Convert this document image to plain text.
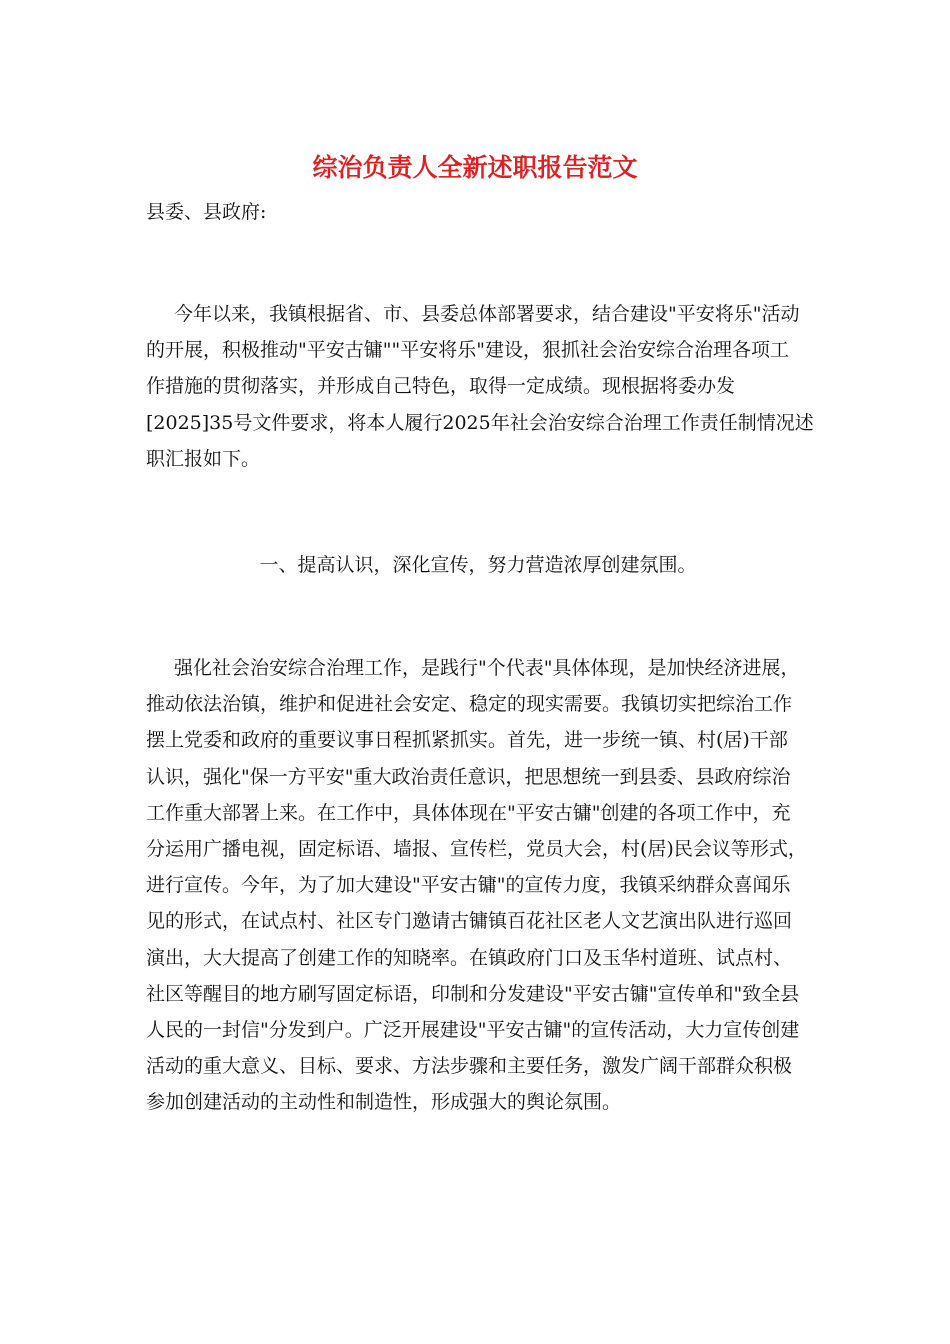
综治负责人全新述职报告范文
县委、县政府:

今年以来，我镇根据省、市、县委总体部署要求，结合建设"平安将乐"活动
的开展，积极推动"平安古镛""平安将乐"建设，狠抓社会治安综合治理各项工
作措施的贯彻落实，并形成自己特色，取得一定成绩。现根据将委办发
[2025]35号文件要求，将本人履行2025年社会治安综合治理工作责任制情况述
职汇报如下。

一、提高认识，深化宣传，努力营造浓厚创建氛围。

强化社会治安综合治理工作，是践行"个代表"具体体现，是加快经济进展，
推动依法治镇，维护和促进社会安定、稳定的现实需要。我镇切实把综治工作
摆上党委和政府的重要议事日程抓紧抓实。首先，进一步统一镇、村(居)干部
认识，强化"保一方平安"重大政治责任意识，把思想统一到县委、县政府综治
工作重大部署上来。在工作中，具体体现在"平安古镛"创建的各项工作中，充
分运用广播电视，固定标语、墙报、宣传栏，党员大会，村(居)民会议等形式，
进行宣传。今年，为了加大建设"平安古镛"的宣传力度，我镇采纳群众喜闻乐
见的形式，在试点村、社区专门邀请古镛镇百花社区老人文艺演出队进行巡回
演出，大大提高了创建工作的知晓率。在镇政府门口及玉华村道班、试点村、
社区等醒目的地方刷写固定标语，印制和分发建设"平安古镛"宣传单和"致全县
人民的一封信"分发到户。广泛开展建设"平安古镛"的宣传活动，大力宣传创建
活动的重大意义、目标、要求、方法步骤和主要任务，激发广阔干部群众积极
参加创建活动的主动性和制造性，形成强大的舆论氛围。
